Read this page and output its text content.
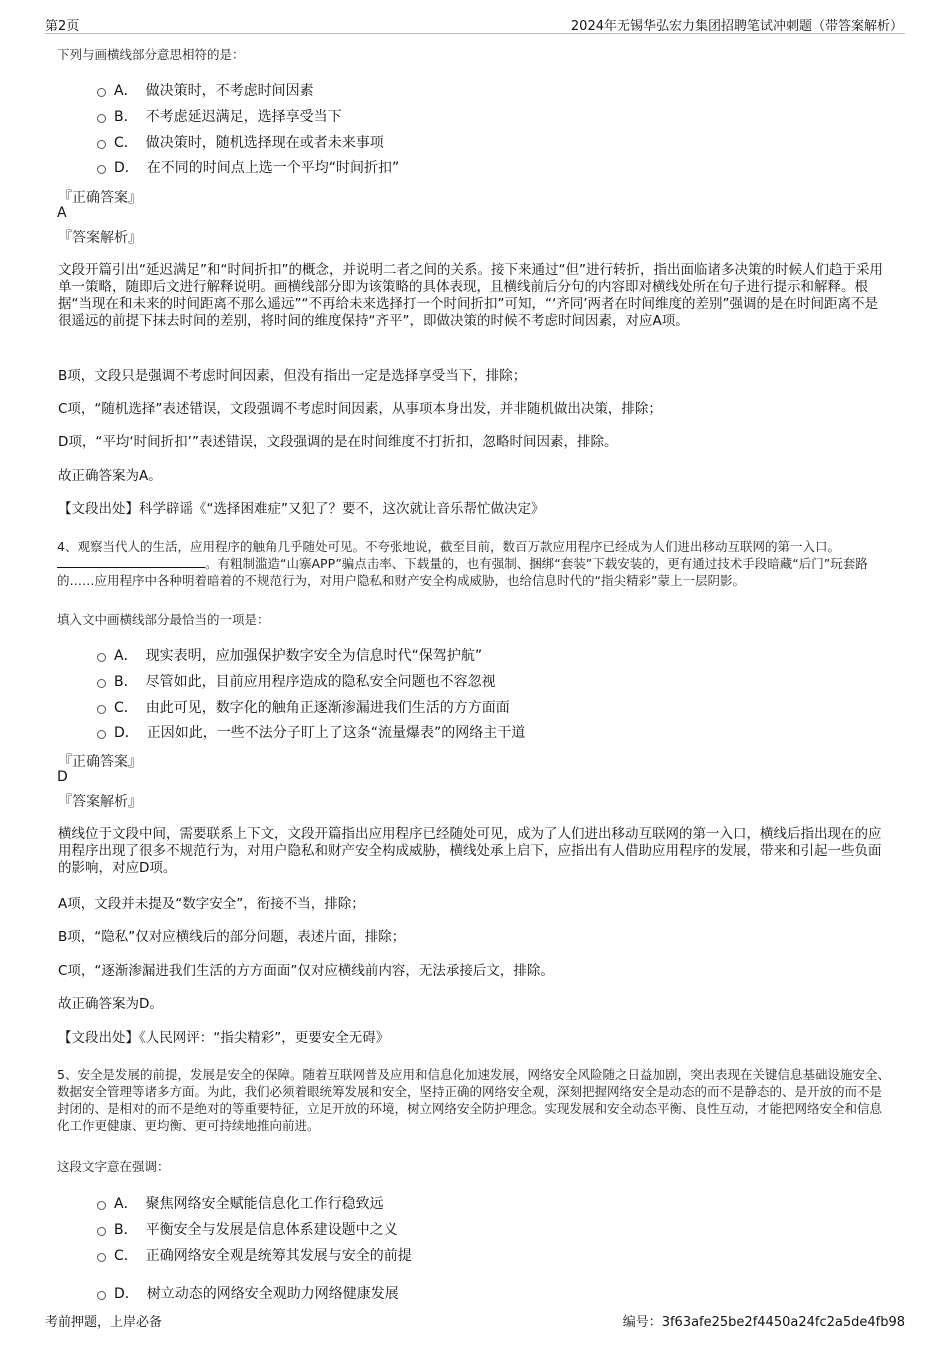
第2页	2024年无锡华弘宏力集团招聘笔试冲刺题（带答案解析）

下列与画横线部分意思相符的是：

A． 做决策时，不考虑时间因素
B． 不考虑延迟满足，选择享受当下
C． 做决策时，随机选择现在或者未来事项
D． 在不同的时间点上选一个平均“时间折扣”
『正确答案』
A
『答案解析』

文段开篇引出“延迟满足”和“时间折扣”的概念，并说明二者之间的关系。接下来通过“但”进行转折，指出面临诸多决策的时候人们趋于采用单一策略，随即后文进行解释说明。画横线部分即为该策略的具体表现，且横线前后分句的内容即对横线处所在句子进行提示和解释。根据“当现在和未来的时间距离不那么遥远”“不再给未来选择打一个时间折扣”可知，“‘齐同’两者在时间维度的差别”强调的是在时间距离不是很遥远的前提下抹去时间的差别，将时间的维度保持“齐平”，即做决策的时候不考虑时间因素，对应A项。

B项，文段只是强调不考虑时间因素，但没有指出一定是选择享受当下，排除；

C项，“随机选择”表述错误，文段强调不考虑时间因素，从事项本身出发，并非随机做出决策，排除；

D项，“平均‘时间折扣’”表述错误，文段强调的是在时间维度不打折扣，忽略时间因素，排除。

故正确答案为A。

【文段出处】科学辟谣《“选择困难症”又犯了？要不，这次就让音乐帮忙做决定》

4、观察当代人的生活，应用程序的触角几乎随处可见。不夸张地说，截至目前，数百万款应用程序已经成为人们进出移动互联网的第一入口。。有粗制滥造“山寨APP”骗点击率、下载量的，也有强制、捆绑“套装”下载安装的，更有通过技术手段暗藏“后门”玩套路的……应用程序中各种明着暗着的不规范行为，对用户隐私和财产安全构成威胁，也给信息时代的“指尖精彩”蒙上一层阴影。

填入文中画横线部分最恰当的一项是：

A． 现实表明，应加强保护数字安全为信息时代“保驾护航”
B． 尽管如此，目前应用程序造成的隐私安全问题也不容忽视
C． 由此可见，数字化的触角正逐渐渗漏进我们生活的方方面面
D． 正因如此，一些不法分子盯上了这条“流量爆表”的网络主干道
『正确答案』
D
『答案解析』

横线位于文段中间，需要联系上下文，文段开篇指出应用程序已经随处可见，成为了人们进出移动互联网的第一入口，横线后指出现在的应用程序出现了很多不规范行为，对用户隐私和财产安全构成威胁，横线处承上启下，应指出有人借助应用程序的发展，带来和引起一些负面的影响，对应D项。

A项，文段并未提及“数字安全”，衔接不当，排除；

B项，“隐私”仅对应横线后的部分问题，表述片面，排除；

C项，“逐渐渗漏进我们生活的方方面面”仅对应横线前内容，无法承接后文，排除。

故正确答案为D。

【文段出处】《人民网评：“指尖精彩”，更要安全无碍》

5、安全是发展的前提，发展是安全的保障。随着互联网普及应用和信息化加速发展，网络安全风险随之日益加剧，突出表现在关键信息基础设施安全、数据安全管理等诸多方面。为此，我们必须着眼统筹发展和安全，坚持正确的网络安全观，深刻把握网络安全是动态的而不是静态的、是开放的而不是封闭的、是相对的而不是绝对的等重要特征，立足开放的环境，树立网络安全防护理念。实现发展和安全动态平衡、良性互动，才能把网络安全和信息化工作更健康、更均衡、更可持续地推向前进。

这段文字意在强调：

A． 聚焦网络安全赋能信息化工作行稳致远
B． 平衡安全与发展是信息体系建设题中之义
C． 正确网络安全观是统筹其发展与安全的前提
D． 树立动态的网络安全观助力网络健康发展
考前押题，上岸必备	编号：3f63afe25be2f4450a24fc2a5de4fb98
